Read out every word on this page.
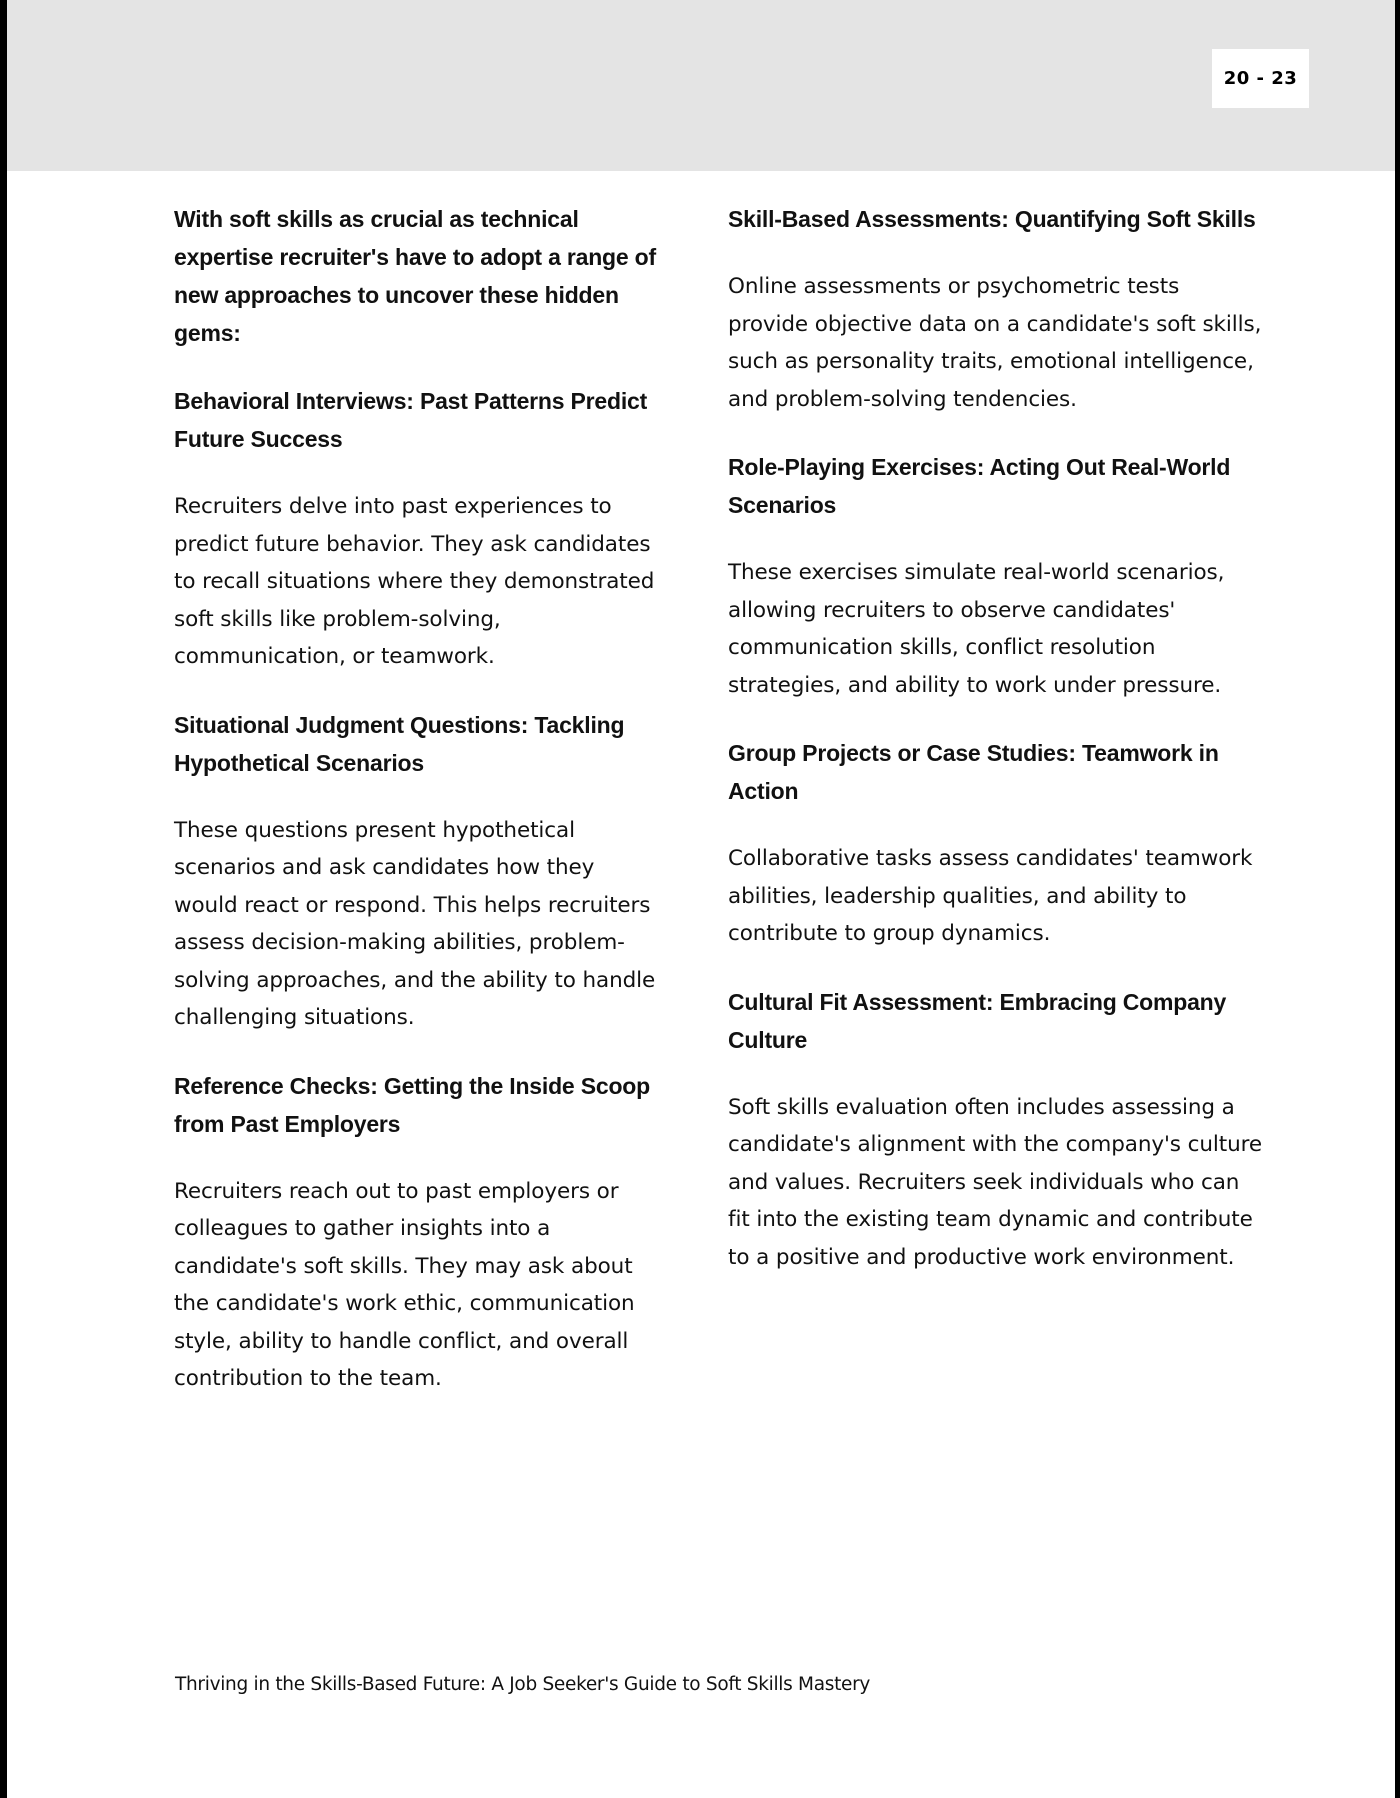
20 - 23

With soft skills as crucial as technical expertise recruiter's have to adopt a range of new approaches to uncover these hidden gems:

Behavioral Interviews: Past Patterns Predict Future Success

Recruiters delve into past experiences to predict future behavior. They ask candidates to recall situations where they demonstrated soft skills like problem-solving, communication, or teamwork.

Situational Judgment Questions: Tackling Hypothetical Scenarios

These questions present hypothetical scenarios and ask candidates how they would react or respond. This helps recruiters assess decision-making abilities, problem-solving approaches, and the ability to handle challenging situations.

Reference Checks: Getting the Inside Scoop from Past Employers

Recruiters reach out to past employers or colleagues to gather insights into a candidate's soft skills. They may ask about the candidate's work ethic, communication style, ability to handle conflict, and overall contribution to the team.

Skill-Based Assessments: Quantifying Soft Skills

Online assessments or psychometric tests provide objective data on a candidate's soft skills, such as personality traits, emotional intelligence, and problem-solving tendencies.

Role-Playing Exercises: Acting Out Real-World Scenarios

These exercises simulate real-world scenarios, allowing recruiters to observe candidates' communication skills, conflict resolution strategies, and ability to work under pressure.

Group Projects or Case Studies: Teamwork in Action

Collaborative tasks assess candidates' teamwork abilities, leadership qualities, and ability to contribute to group dynamics.

Cultural Fit Assessment: Embracing Company Culture

Soft skills evaluation often includes assessing a candidate's alignment with the company's culture and values. Recruiters seek individuals who can fit into the existing team dynamic and contribute to a positive and productive work environment.

Thriving in the Skills-Based Future: A Job Seeker's Guide to Soft Skills Mastery
